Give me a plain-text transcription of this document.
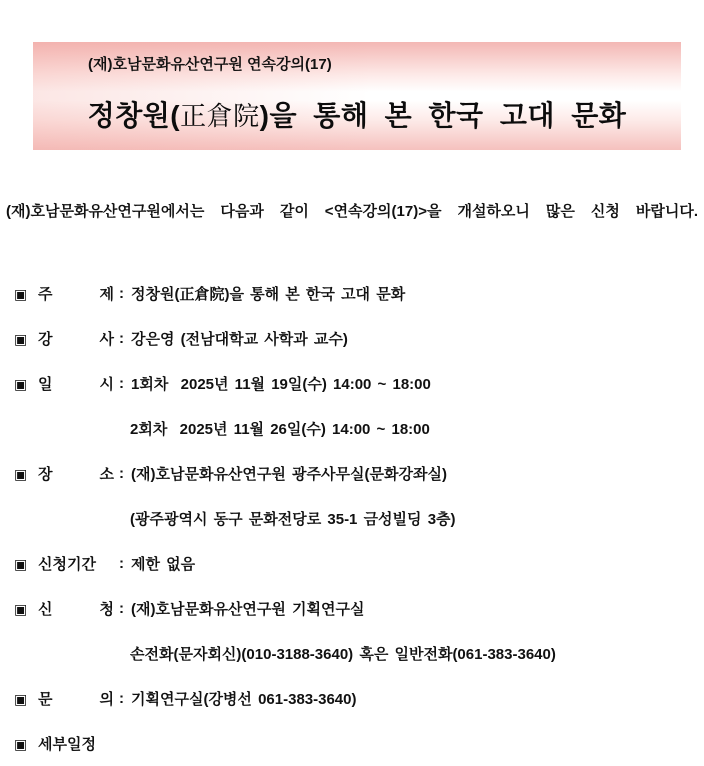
(재)호남문화유산연구원 연속강의(17)
정창원(正倉院)을 통해 본 한국 고대 문화

(재)호남문화유산연구원에서는 다음과 같이 <연속강의(17)>을 개설하오니 많은 신청 바랍니다.

▣ 주 제 : 정창원(正倉院)을 통해 본 한국 고대 문화
▣ 강 사 : 강은영 (전남대학교 사학과 교수)
▣ 일 시 : 1회차  2025년 11월 19일(수) 14:00 ~ 18:00
2회차  2025년 11월 26일(수) 14:00 ~ 18:00
▣ 장 소 : (재)호남문화유산연구원 광주사무실(문화강좌실)
(광주광역시 동구 문화전당로 35-1 금성빌딩 3층)
▣ 신청기간	: 제한 없음
▣ 신 청 : (재)호남문화유산연구원 기획연구실
손전화(문자회신)(010-3188-3640) 혹은 일반전화(061-383-3640)
▣ 문 의 : 기획연구실(강병선 061-383-3640)
▣ 세부일정
